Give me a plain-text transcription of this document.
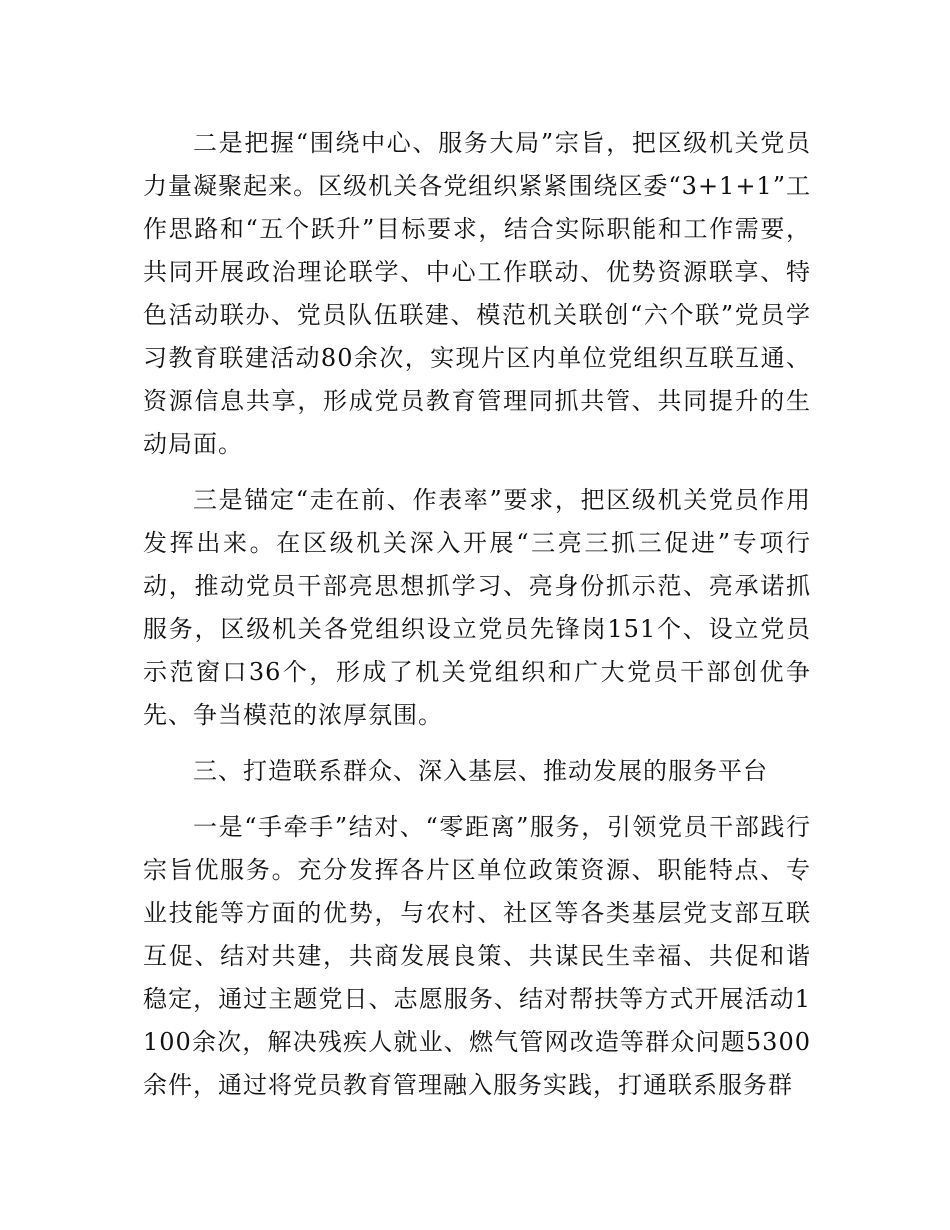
二是把握“围绕中心、服务大局”宗旨，把区级机关党员力量凝聚起来。区级机关各党组织紧紧围绕区委“3+1+1”工作思路和“五个跃升”目标要求，结合实际职能和工作需要，共同开展政治理论联学、中心工作联动、优势资源联享、特色活动联办、党员队伍联建、模范机关联创“六个联”党员学习教育联建活动80余次，实现片区内单位党组织互联互通、资源信息共享，形成党员教育管理同抓共管、共同提升的生动局面。

三是锚定“走在前、作表率”要求，把区级机关党员作用发挥出来。在区级机关深入开展“三亮三抓三促进”专项行动，推动党员干部亮思想抓学习、亮身份抓示范、亮承诺抓服务，区级机关各党组织设立党员先锋岗151个、设立党员示范窗口36个，形成了机关党组织和广大党员干部创优争先、争当模范的浓厚氛围。

三、打造联系群众、深入基层、推动发展的服务平台

一是“手牵手”结对、“零距离”服务，引领党员干部践行宗旨优服务。充分发挥各片区单位政策资源、职能特点、专业技能等方面的优势，与农村、社区等各类基层党支部互联互促、结对共建，共商发展良策、共谋民生幸福、共促和谐稳定，通过主题党日、志愿服务、结对帮扶等方式开展活动1100余次，解决残疾人就业、燃气管网改造等群众问题5300余件，通过将党员教育管理融入服务实践，打通联系服务群
